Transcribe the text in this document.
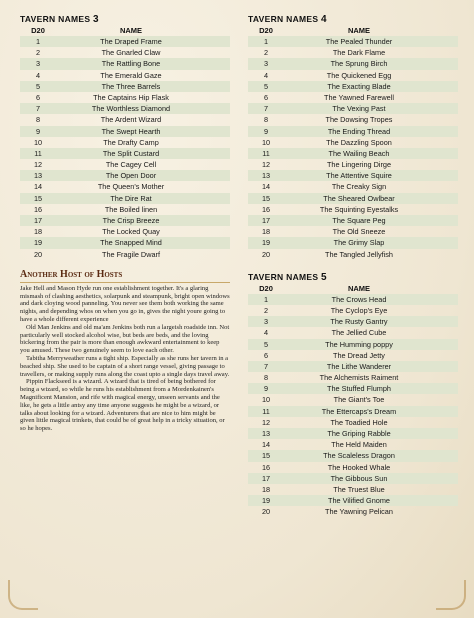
TAVERN NAMES 3
D20	NAME
1	The Draped Frame
2	The Gnarled Claw
3	The Rattling Bone
4	The Emerald Gaze
5	The Three Barrels
6	The Captains Hip Flask
7	The Worthless Diamond
8	The Ardent Wizard
9	The Swept Hearth
10	The Drafty Camp
11	The Split Custard
12	The Cagey Cell
13	The Open Door
14	The Queen's Mother
15	The Dire Rat
16	The Boiled linen
17	The Crisp Breeze
18	The Locked Quay
19	The Snapped Mind
20	The Fragile Dwarf
Another Host of Hosts

Jake Hell and Mason Hyde run one establishment together. It's a glaring mismash of clashing aesthetics, solarpunk and steampunk, bright open windows and dark cloying wood panneling. You never see them both working the same nights, and depending whos on when you go in, gives the night youre going to have a whole different experience

Old Man Jenkins and old ma'am Jenkins both run a largeish roadside inn. Not particularly well stocked alcohol wise, but beds are beds, and the loving bickering from the pair is more than enough awkward entertainment to keep you amused. These two genuinely seem to love each other.

Tabitha Merryweather runs a tight ship. Especially as she runs her tavern in a beached ship. She used to be captain of a short range vessel, giving passage to travellers, or making supply runs along the coast upto a single days travel away.

Pippin Flackseed is a wizard. A wizard that is tired of being bothered for being a wizard, so while he runs his establishment from a Mordenkainen's Magnificent Mansion, and rife with magical energy, unseen servants and the like, he gets a little antsy any time anyone suggests he might be a wizard, or talks about looking for a wizard. Adventurers that are nice to him might be given little magical trinkets, that could be of great help in a tricky situation, or so he hopes.

TAVERN NAMES 4
D20	NAME
1	The Pealed Thunder
2	The Dark Flame
3	The Sprung Birch
4	The Quickened Egg
5	The Exacting Blade
6	The Yawned Farewell
7	The Vexing Past
8	The Dowsing Tropes
9	The Ending Thread
10	The Dazzling Spoon
11	The Wailing Beach
12	The Lingering Dirge
13	The Attentive Squire
14	The Creaky Sign
15	The Sheared Owlbear
16	The Squinting Eyestalks
17	The Square Peg
18	The Old Sneeze
19	The Grimy Slap
20	The Tangled Jellyfish
TAVERN NAMES 5
D20	NAME
1	The Crows Head
2	The Cyclop's Eye
3	The Rusty Gantry
4	The Jellied Cube
5	The Humming poppy
6	The Dread Jetty
7	The Lithe Wanderer
8	The Alchemists Raiment
9	The Stuffed Flumph
10	The Giant's Toe
11	The Ettercaps's Dream
12	The Toadied Hole
13	The Griping Rabble
14	The Held Maiden
15	The Scaleless Dragon
16	The Hooked Whale
17	The Gibbous Sun
18	The Truest Blue
19	The Vilified Gnome
20	The Yawning Pelican
